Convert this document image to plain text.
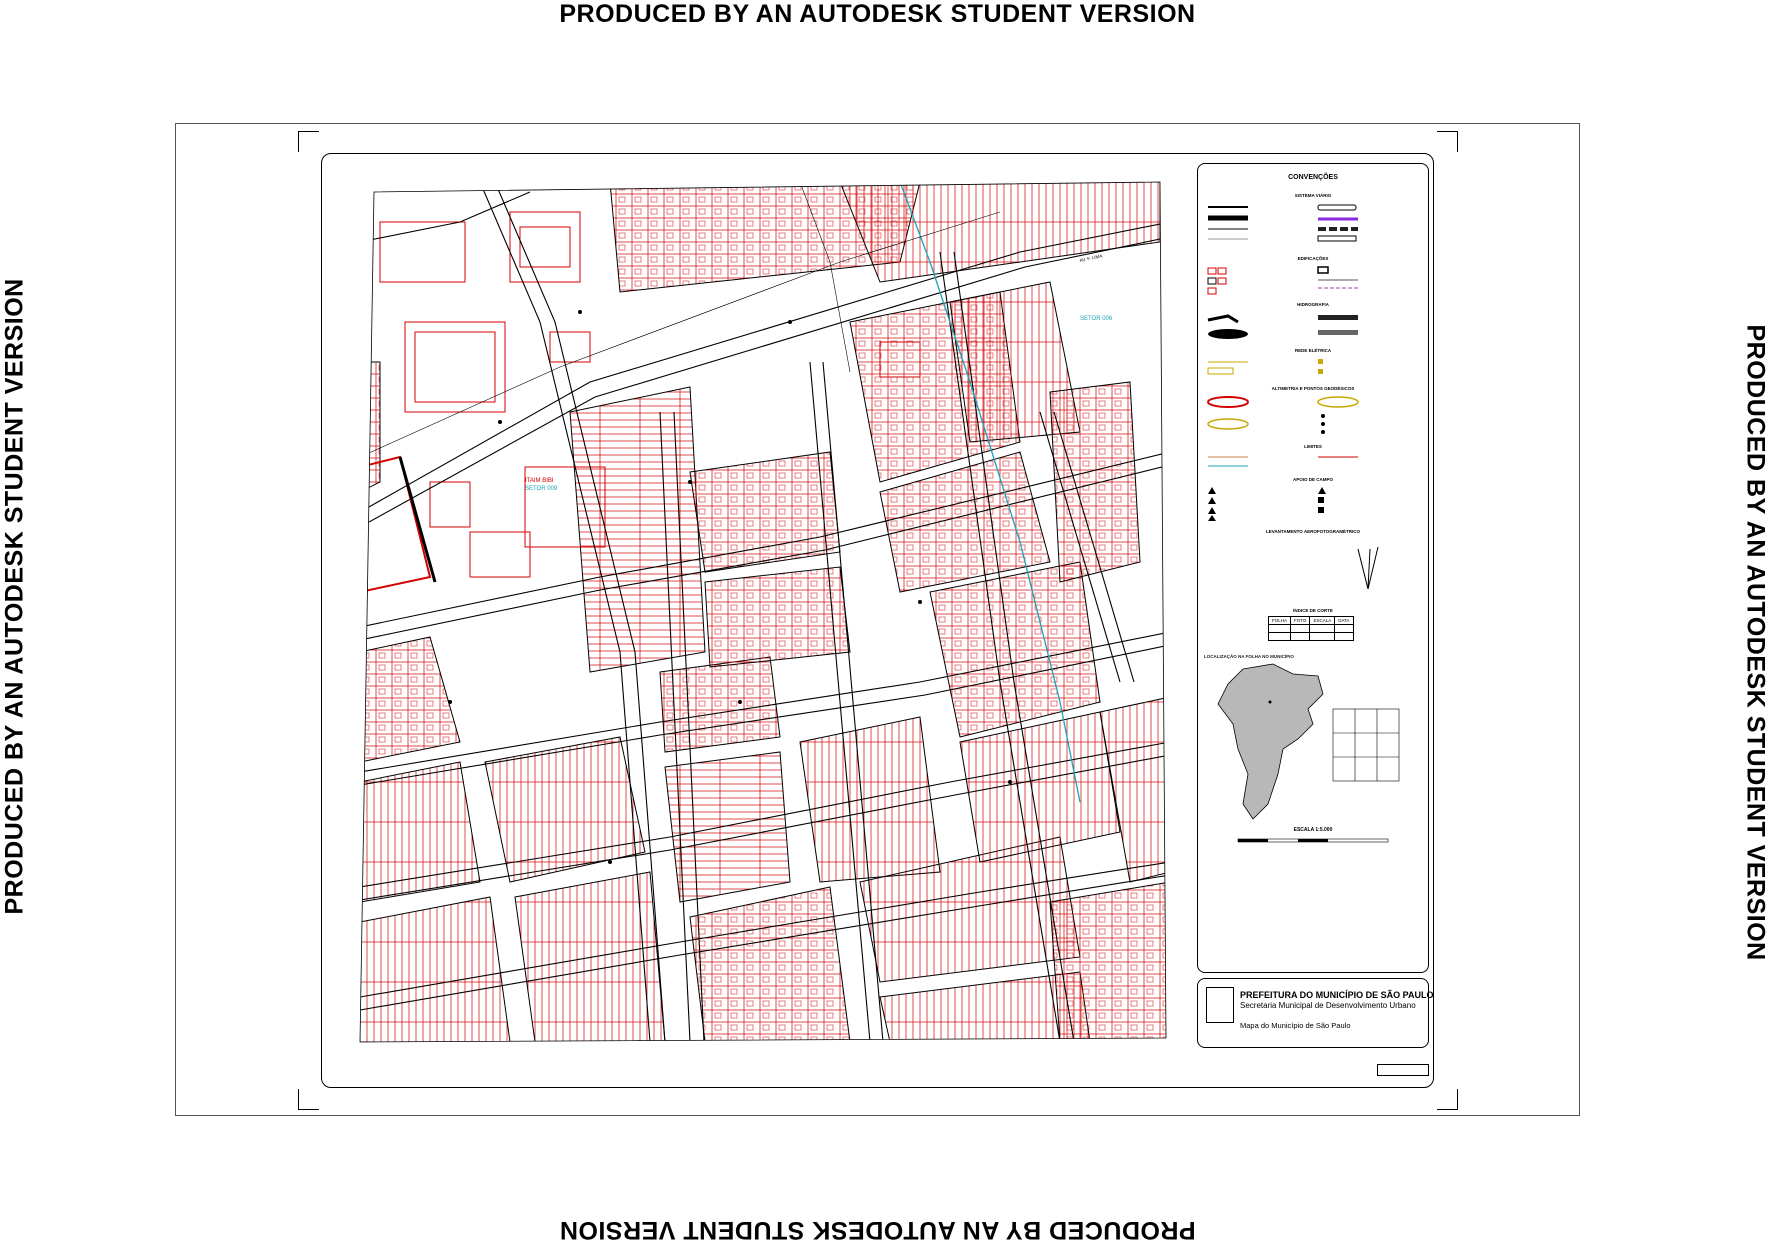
PRODUCED BY AN AUTODESK STUDENT VERSION
PRODUCED BY AN AUTODESK STUDENT VERSION
PRODUCED BY AN AUTODESK STUDENT VERSION	PRODUCED BY AN AUTODESK STUDENT VERSION
ITAIM BIBI
SETOR 009
SETOR 006
AV. F. LIMA
CONVENÇÕES
SISTEMA VIÁRIO
EDIFICAÇÕES
HIDROGRAFIA
REDE ELÉTRICA
ALTIMETRIA E PONTOS GEODÉSICOS
LIMITES
APOIO DE CAMPO
LEVANTAMENTO AEROFOTOGRAMÉTRICO
ÍNDICE DE CORTE
FOLHA	FOTO	ESCALA	DATA

LOCALIZAÇÃO NA FOLHA NO MUNICÍPIO
ESCALA 1:5.000
PREFEITURA DO MUNICÍPIO DE SÃO PAULO
Secretaria Municipal de Desenvolvimento Urbano
Mapa do Município de São Paulo
